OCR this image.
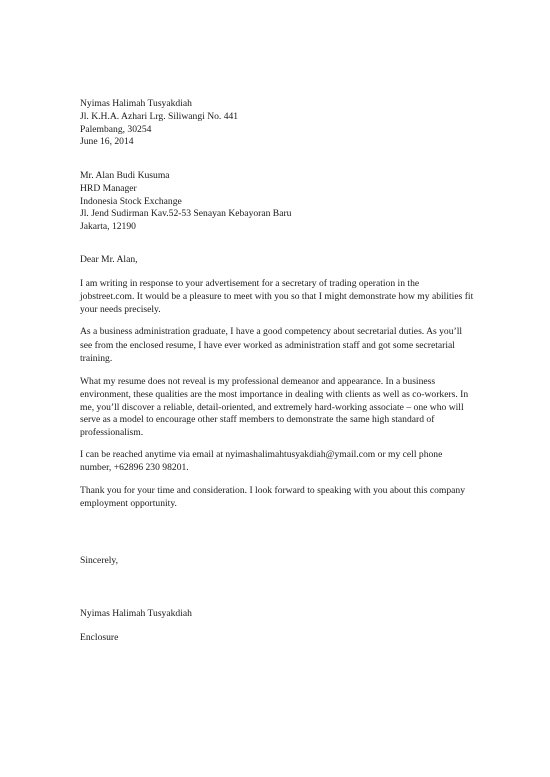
Nyimas Halimah Tusyakdiah
Jl. K.H.A. Azhari Lrg. Siliwangi No. 441
Palembang, 30254
June 16, 2014
Mr. Alan Budi Kusuma
HRD Manager
Indonesia Stock Exchange
Jl. Jend Sudirman Kav.52-53 Senayan Kebayoran Baru
Jakarta, 12190
Dear Mr. Alan,
I am writing in response to your advertisement for a secretary of trading operation in the jobstreet.com. It would be a pleasure to meet with you so that I might demonstrate how my abilities fit your needs precisely.
As a business administration graduate, I have a good competency about secretarial duties. As you’ll see from the enclosed resume, I have ever worked as administration staff and got some secretarial training.
What my resume does not reveal is my professional demeanor and appearance. In a business environment, these qualities are the most importance in dealing with clients as well as co-workers. In me, you’ll discover a reliable, detail-oriented, and extremely hard-working associate – one who will serve as a model to encourage other staff members to demonstrate the same high standard of professionalism.
I can be reached anytime via email at nyimashalimahtusyakdiah@ymail.com or my cell phone number, +62896 230 98201.
Thank you for your time and consideration. I look forward to speaking with you about this company employment opportunity.
Sincerely,
Nyimas Halimah Tusyakdiah
Enclosure
